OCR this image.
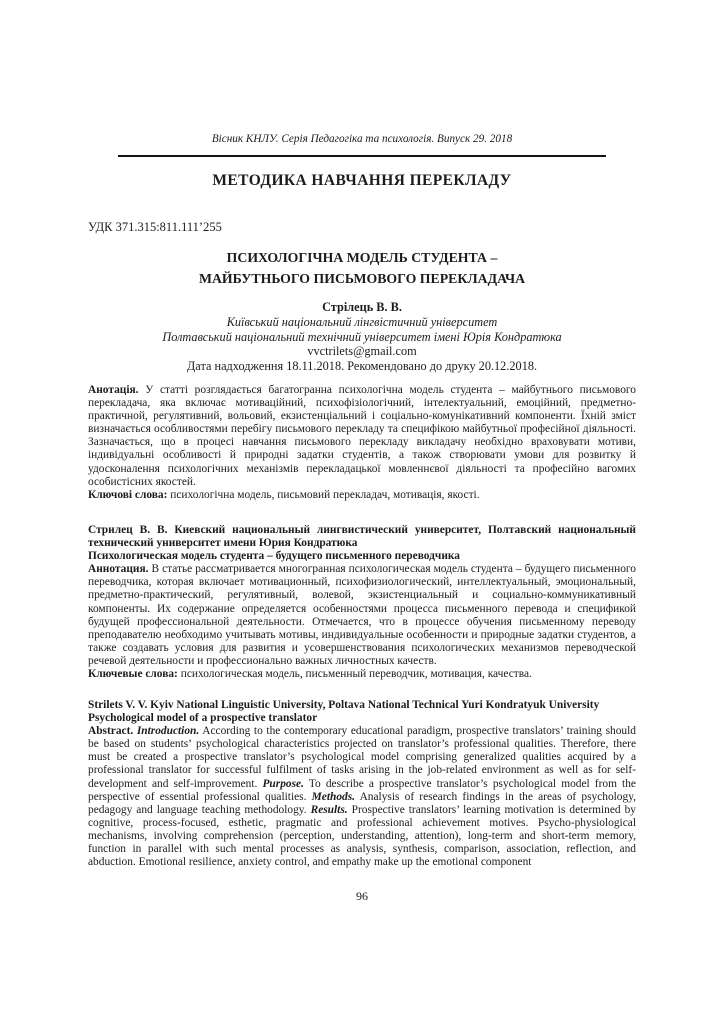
Вісник КНЛУ. Серія Педагогіка та психологія. Випуск 29. 2018
МЕТОДИКА НАВЧАННЯ ПЕРЕКЛАДУ
УДК 371.315:811.111’255
ПСИХОЛОГІЧНА МОДЕЛЬ СТУДЕНТА –
МАЙБУТНЬОГО ПИСЬМОВОГО ПЕРЕКЛАДАЧА

Стрілець В. В.

Київський національний лінгвістичний університет

Полтавський національний технічний університет імені Юрія Кондратюка

vvctrilets@gmail.com

Дата надходження 18.11.2018. Рекомендовано до друку 20.12.2018.

Анотація. У статті розглядається багатогранна психологічна модель студента – майбутнього письмового перекладача, яка включає мотиваційний, психофізіологічний, інтелектуальний, емоційний, предметно-практичной, регулятивний, вольовий, екзистенціальний і соціально-комунікативний компоненти. Їхній зміст визначається особливостями перебігу письмового перекладу та специфікою майбутньої професійної діяльності. Зазначається, що в процесі навчання письмового перекладу викладачу необхідно враховувати мотиви, індивідуальні особливості й природні задатки студентів, а також створювати умови для розвитку й удосконалення психологічних механізмів перекладацької мовленнєвої діяльності та професійно вагомих особистісних якостей.

Ключові слова: психологічна модель, письмовий перекладач, мотивація, якості.

Стрилец В. В. Киевский национальный лингвистический университет, Полтавский национальный технический университет имени Юрия Кондратюка

Психологическая модель студента – будущего письменного переводчика

Аннотация. В статье рассматривается многогранная психологическая модель студента – будущего письменного переводчика, которая включает мотивационный, психофизиологический, интеллектуальный, эмоциональный, предметно-практический, регулятивный, волевой, экзистенциальный и социально-коммуникативный компоненты. Их содержание определяется особенностями процесса письменного перевода и спецификой будущей профессиональной деятельности. Отмечается, что в процессе обучения письменному переводу преподавателю необходимо учитывать мотивы, индивидуальные особенности и природные задатки студентов, а также создавать условия для развития и усовершенствования психологических механизмов переводческой речевой деятельности и профессионально важных личностных качеств.

Ключевые слова: психологическая модель, письменный переводчик, мотивация, качества.

Strilets V. V. Kyiv National Linguistic University, Poltava National Technical Yuri Kondratyuk University

Psychological model of a prospective translator

Abstract. Introduction. According to the contemporary educational paradigm, prospective translators’ training should be based on students’ psychological characteristics projected on translator’s professional qualities. Therefore, there must be created a prospective translator’s psychological model comprising generalized qualities acquired by a professional translator for successful fulfilment of tasks arising in the job-related environment as well as for self-development and self-improvement. Purpose. To describe a prospective translator’s psychological model from the perspective of essential professional qualities. Methods. Analysis of research findings in the areas of psychology, pedagogy and language teaching methodology. Results. Prospective translators’ learning motivation is determined by cognitive, process-focused, esthetic, pragmatic and professional achievement motives. Psycho-physiological mechanisms, involving comprehension (perception, understanding, attention), long-term and short-term memory, function in parallel with such mental processes as analysis, synthesis, comparison, association, reflection, and abduction. Emotional resilience, anxiety control, and empathy make up the emotional component

96
